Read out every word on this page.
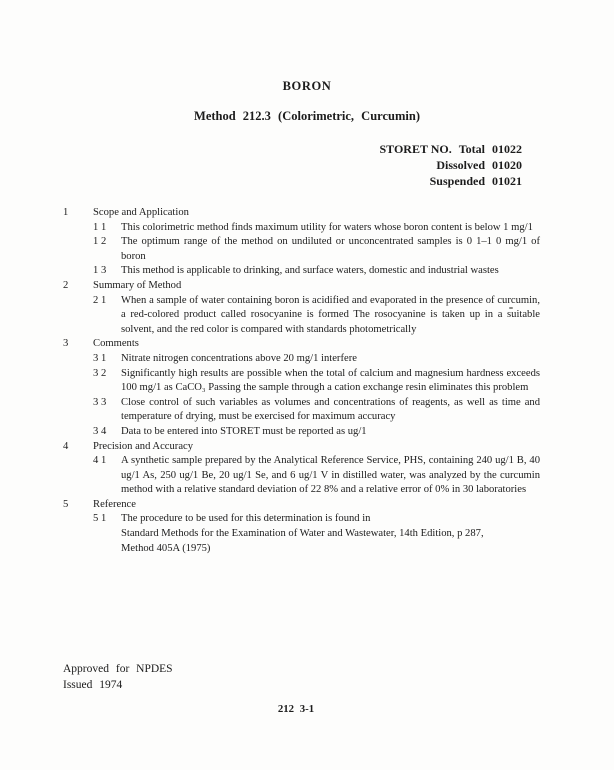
BORON
Method 212.3 (Colorimetric, Curcumin)
STORET NO. Total 01022
Dissolved 01020
Suspended 01021
1	Scope and Application
1 1	This colorimetric method finds maximum utility for waters whose boron content is below 1 mg/1
1 2	The optimum range of the method on undiluted or unconcentrated samples is 0 1–1 0 mg/1 of boron
1 3	This method is applicable to drinking, and surface waters, domestic and industrial wastes
2	Summary of Method
2 1	When a sample of water containing boron is acidified and evaporated in the presence of curcumin, a red-colored product called rosocyanine is formed The rosocyanine is taken up in a suitable solvent, and the red color is compared with standards photometrically
3	Comments
3 1	Nitrate nitrogen concentrations above 20 mg/1 interfere
3 2	Significantly high results are possible when the total of calcium and magnesium hardness exceeds 100 mg/1 as CaCO₃ Passing the sample through a cation exchange resin eliminates this problem
3 3	Close control of such variables as volumes and concentrations of reagents, as well as time and temperature of drying, must be exercised for maximum accuracy
3 4	Data to be entered into STORET must be reported as ug/1
4	Precision and Accuracy
4 1	A synthetic sample prepared by the Analytical Reference Service, PHS, containing 240 ug/1 B, 40 ug/1 As, 250 ug/1 Be, 20 ug/1 Se, and 6 ug/1 V in distilled water, was analyzed by the curcumin method with a relative standard deviation of 22 8% and a relative error of 0% in 30 laboratories
5	Reference
5 1	The procedure to be used for this determination is found in
Standard Methods for the Examination of Water and Wastewater, 14th Edition, p 287,
Method 405A (1975)
Approved for NPDES
Issued 1974
212 3-1
